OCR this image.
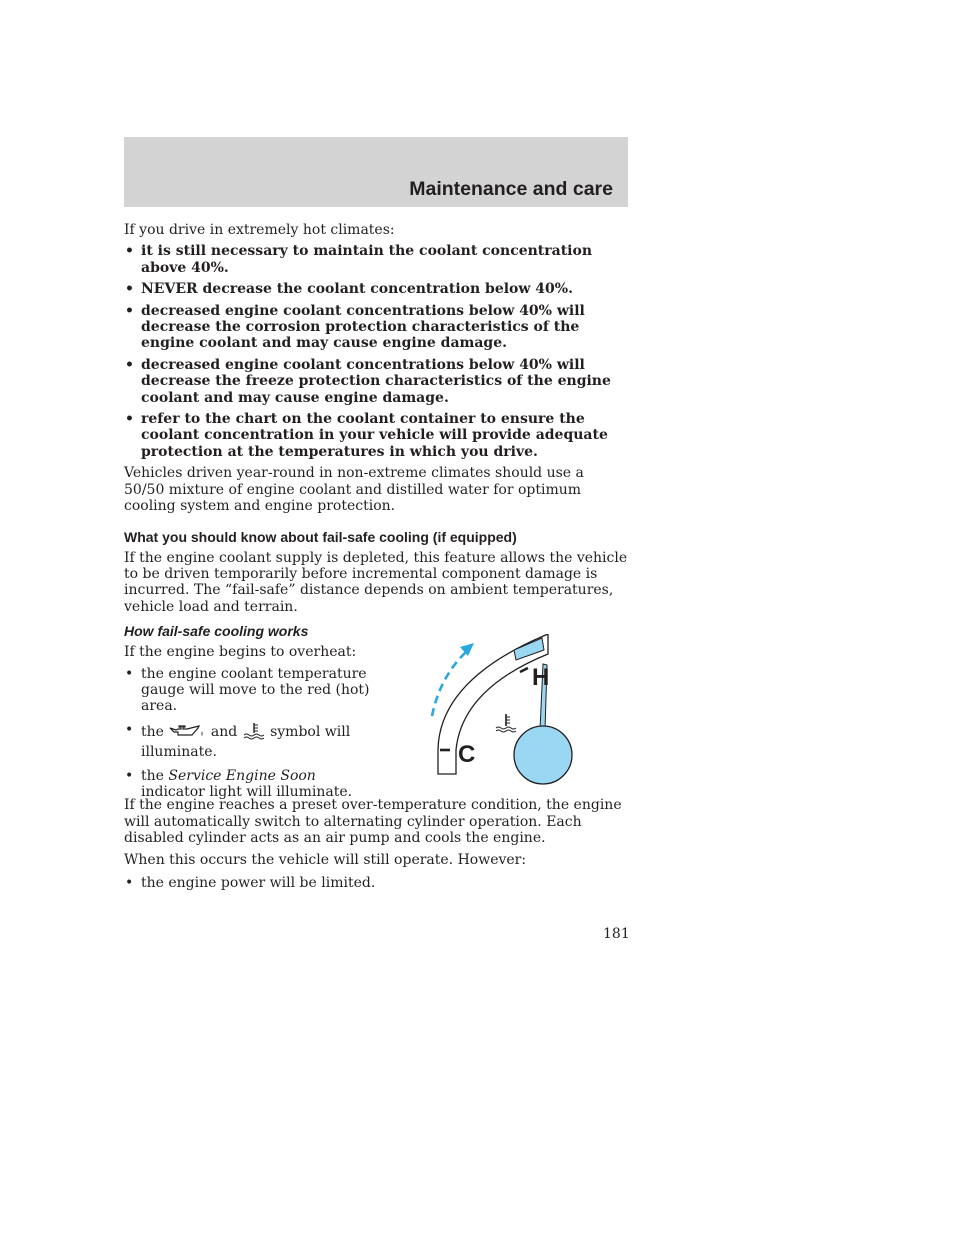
Maintenance and care

If you drive in extremely hot climates:

• it is still necessary to maintain the coolant concentration above 40%.
• NEVER decrease the coolant concentration below 40%.
• decreased engine coolant concentrations below 40% will decrease the corrosion protection characteristics of the engine coolant and may cause engine damage.
• decreased engine coolant concentrations below 40% will decrease the freeze protection characteristics of the engine coolant and may cause engine damage.
• refer to the chart on the coolant container to ensure the coolant concentration in your vehicle will provide adequate protection at the temperatures in which you drive.

Vehicles driven year-round in non-extreme climates should use a 50/50 mixture of engine coolant and distilled water for optimum cooling system and engine protection.

What you should know about fail-safe cooling (if equipped)

If the engine coolant supply is depleted, this feature allows the vehicle to be driven temporarily before incremental component damage is incurred. The “fail-safe” distance depends on ambient temperatures, vehicle load and terrain.

How fail-safe cooling works

If the engine begins to overheat:

• the engine coolant temperature gauge will move to the red (hot) area.
• the	and symbol will illuminate.
• the Service Engine Soon indicator light will illuminate.
H
C

If the engine reaches a preset over-temperature condition, the engine will automatically switch to alternating cylinder operation. Each disabled cylinder acts as an air pump and cools the engine.

When this occurs the vehicle will still operate. However:

• the engine power will be limited.
181
